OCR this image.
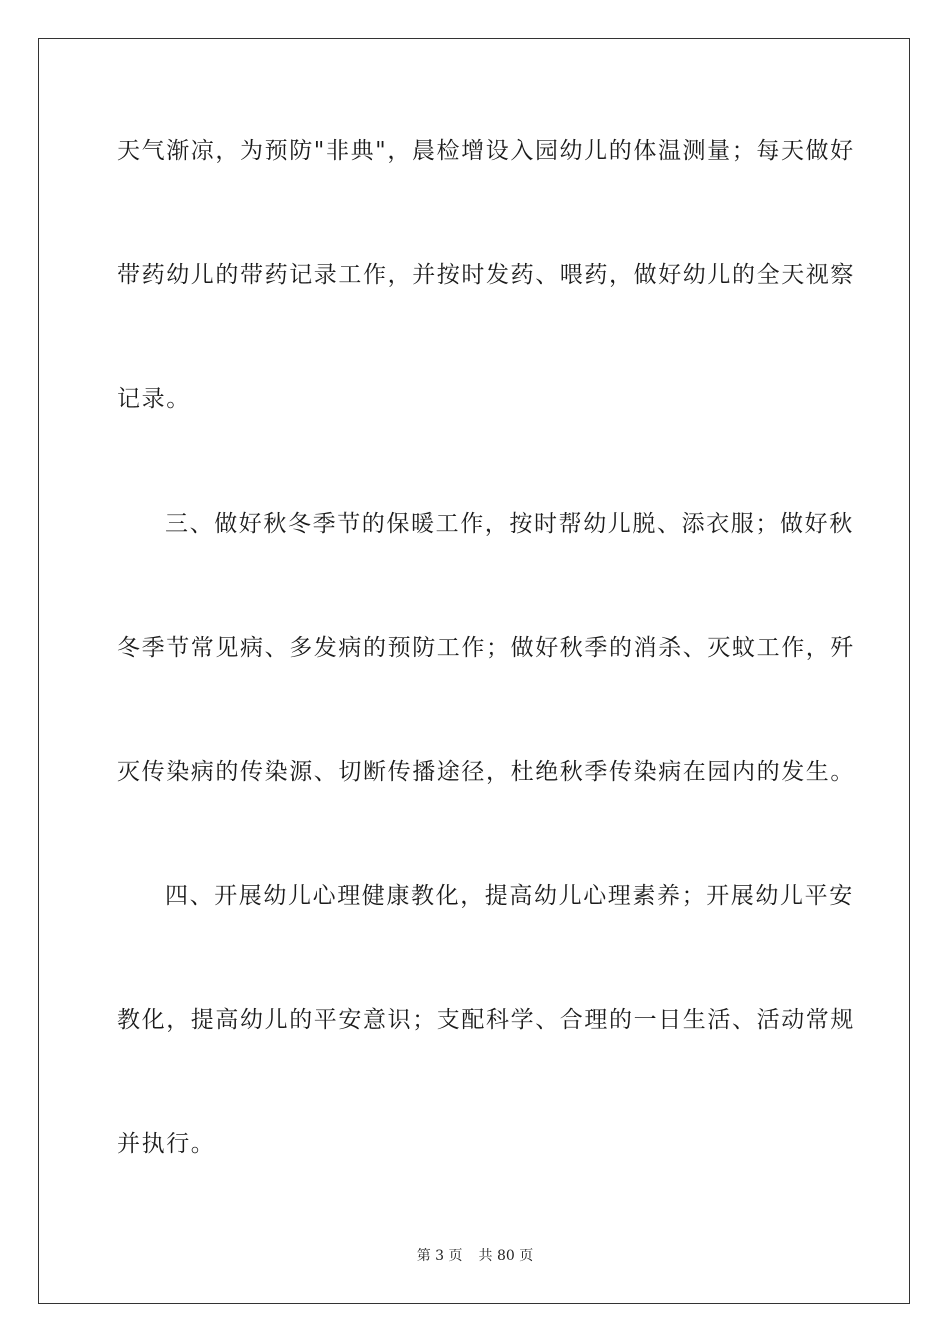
天气渐凉，为预防"非典"，晨检增设入园幼儿的体温测量；每天做好
带药幼儿的带药记录工作，并按时发药、喂药，做好幼儿的全天视察
记录。
三、做好秋冬季节的保暖工作，按时帮幼儿脱、添衣服；做好秋
冬季节常见病、多发病的预防工作；做好秋季的消杀、灭蚊工作，歼
灭传染病的传染源、切断传播途径，杜绝秋季传染病在园内的发生。
四、开展幼儿心理健康教化，提高幼儿心理素养；开展幼儿平安
教化，提高幼儿的平安意识；支配科学、合理的一日生活、活动常规
并执行。
第 3 页 共 80 页
